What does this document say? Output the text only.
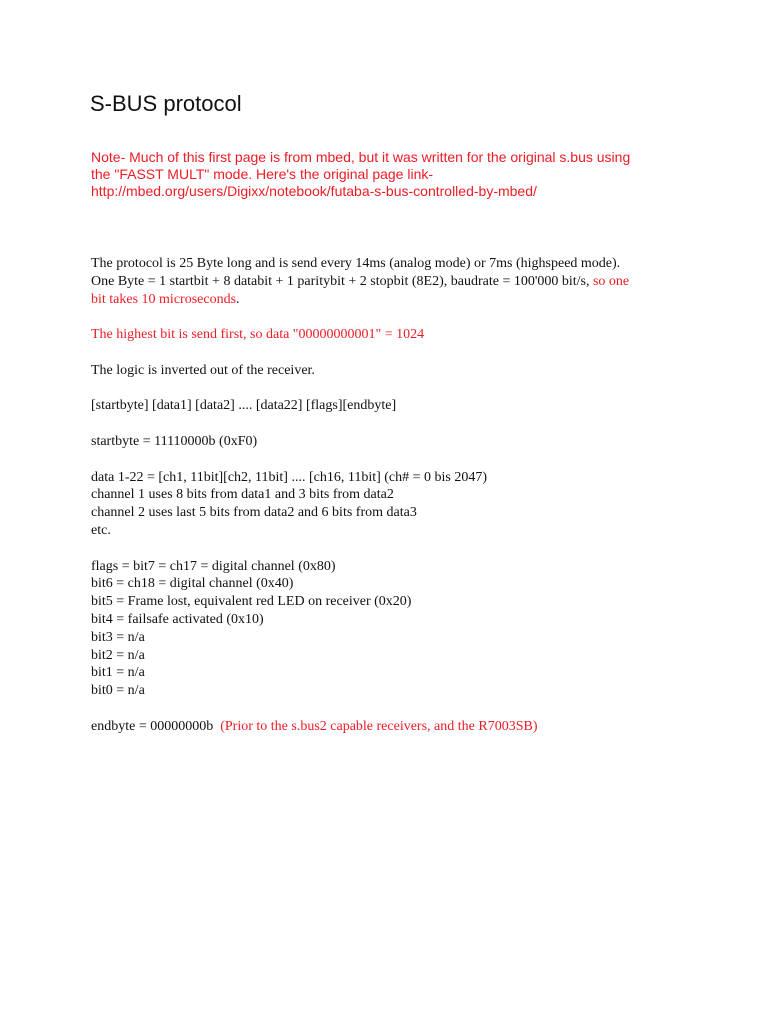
S-BUS protocol
Note- Much of this first page is from mbed, but it was written for the original s.bus using
the "FASST MULT" mode. Here's the original page link-
http://mbed.org/users/Digixx/notebook/futaba-s-bus-controlled-by-mbed/
The protocol is 25 Byte long and is send every 14ms (analog mode) or 7ms (highspeed mode).
One Byte = 1 startbit + 8 databit + 1 paritybit + 2 stopbit (8E2), baudrate = 100'000 bit/s, so one
bit takes 10 microseconds.
The highest bit is send first, so data "00000000001" = 1024
The logic is inverted out of the receiver.
[startbyte] [data1] [data2] .... [data22] [flags][endbyte]
startbyte = 11110000b (0xF0)
data 1-22 = [ch1, 11bit][ch2, 11bit] .... [ch16, 11bit] (ch# = 0 bis 2047)
channel 1 uses 8 bits from data1 and 3 bits from data2
channel 2 uses last 5 bits from data2 and 6 bits from data3
etc.
flags = bit7 = ch17 = digital channel (0x80)
bit6 = ch18 = digital channel (0x40)
bit5 = Frame lost, equivalent red LED on receiver (0x20)
bit4 = failsafe activated (0x10)
bit3 = n/a
bit2 = n/a
bit1 = n/a
bit0 = n/a
endbyte = 00000000b  (Prior to the s.bus2 capable receivers, and the R7003SB)
